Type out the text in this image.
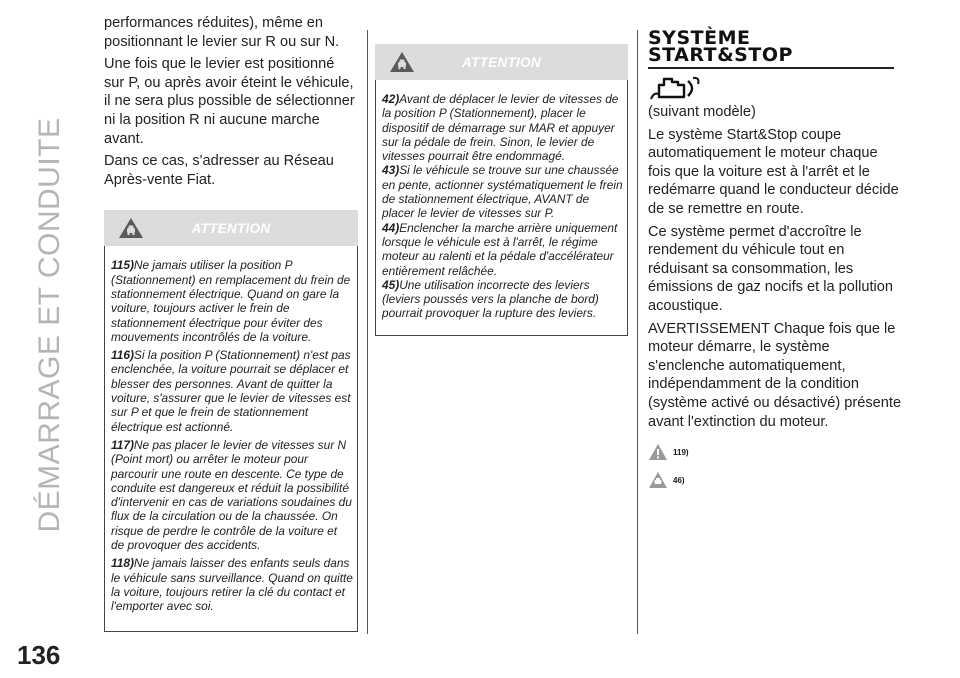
DÉMARRAGE ET CONDUITE
136

performances réduites), même en positionnant le levier sur R ou sur N.

Une fois que le levier est positionné sur P, ou après avoir éteint le véhicule, il ne sera plus possible de sélectionner ni la position R ni aucune marche avant.

Dans ce cas, s'adresser au Réseau Après-vente Fiat.

ATTENTION

115)Ne jamais utiliser la position P (Stationnement) en remplacement du frein de stationnement électrique. Quand on gare la voiture, toujours activer le frein de stationnement électrique pour éviter des mouvements incontrôlés de la voiture.

116)Si la position P (Stationnement) n'est pas enclenchée, la voiture pourrait se déplacer et blesser des personnes. Avant de quitter la voiture, s'assurer que le levier de vitesses est sur P et que le frein de stationnement électrique est actionné.

117)Ne pas placer le levier de vitesses sur N (Point mort) ou arrêter le moteur pour parcourir une route en descente. Ce type de conduite est dangereux et réduit la possibilité d'intervenir en cas de variations soudaines du flux de la circulation ou de la chaussée. On risque de perdre le contrôle de la voiture et de provoquer des accidents.

118)Ne jamais laisser des enfants seuls dans le véhicule sans surveillance. Quand on quitte la voiture, toujours retirer la clé du contact et l'emporter avec soi.

ATTENTION

42)Avant de déplacer le levier de vitesses de la position P (Stationnement), placer le dispositif de démarrage sur MAR et appuyer sur la pédale de frein. Sinon, le levier de vitesses pourrait être endommagé.

43)Si le véhicule se trouve sur une chaussée en pente, actionner systématiquement le frein de stationnement électrique, AVANT de placer le levier de vitesses sur P.

44)Enclencher la marche arrière uniquement lorsque le véhicule est à l'arrêt, le régime moteur au ralenti et la pédale d'accélérateur entièrement relâchée.

45)Une utilisation incorrecte des leviers (leviers poussés vers la planche de bord) pourrait provoquer la rupture des leviers.

SYSTÈME
START&STOP

(suivant modèle)

Le système Start&Stop coupe automatiquement le moteur chaque fois que la voiture est à l'arrêt et le redémarre quand le conducteur décide de se remettre en route.

Ce système permet d'accroître le rendement du véhicule tout en réduisant sa consommation, les émissions de gaz nocifs et la pollution acoustique.

AVERTISSEMENT Chaque fois que le moteur démarre, le système s'enclenche automatiquement, indépendamment de la condition (système activé ou désactivé) présente avant l'extinction du moteur.

119)
46)
